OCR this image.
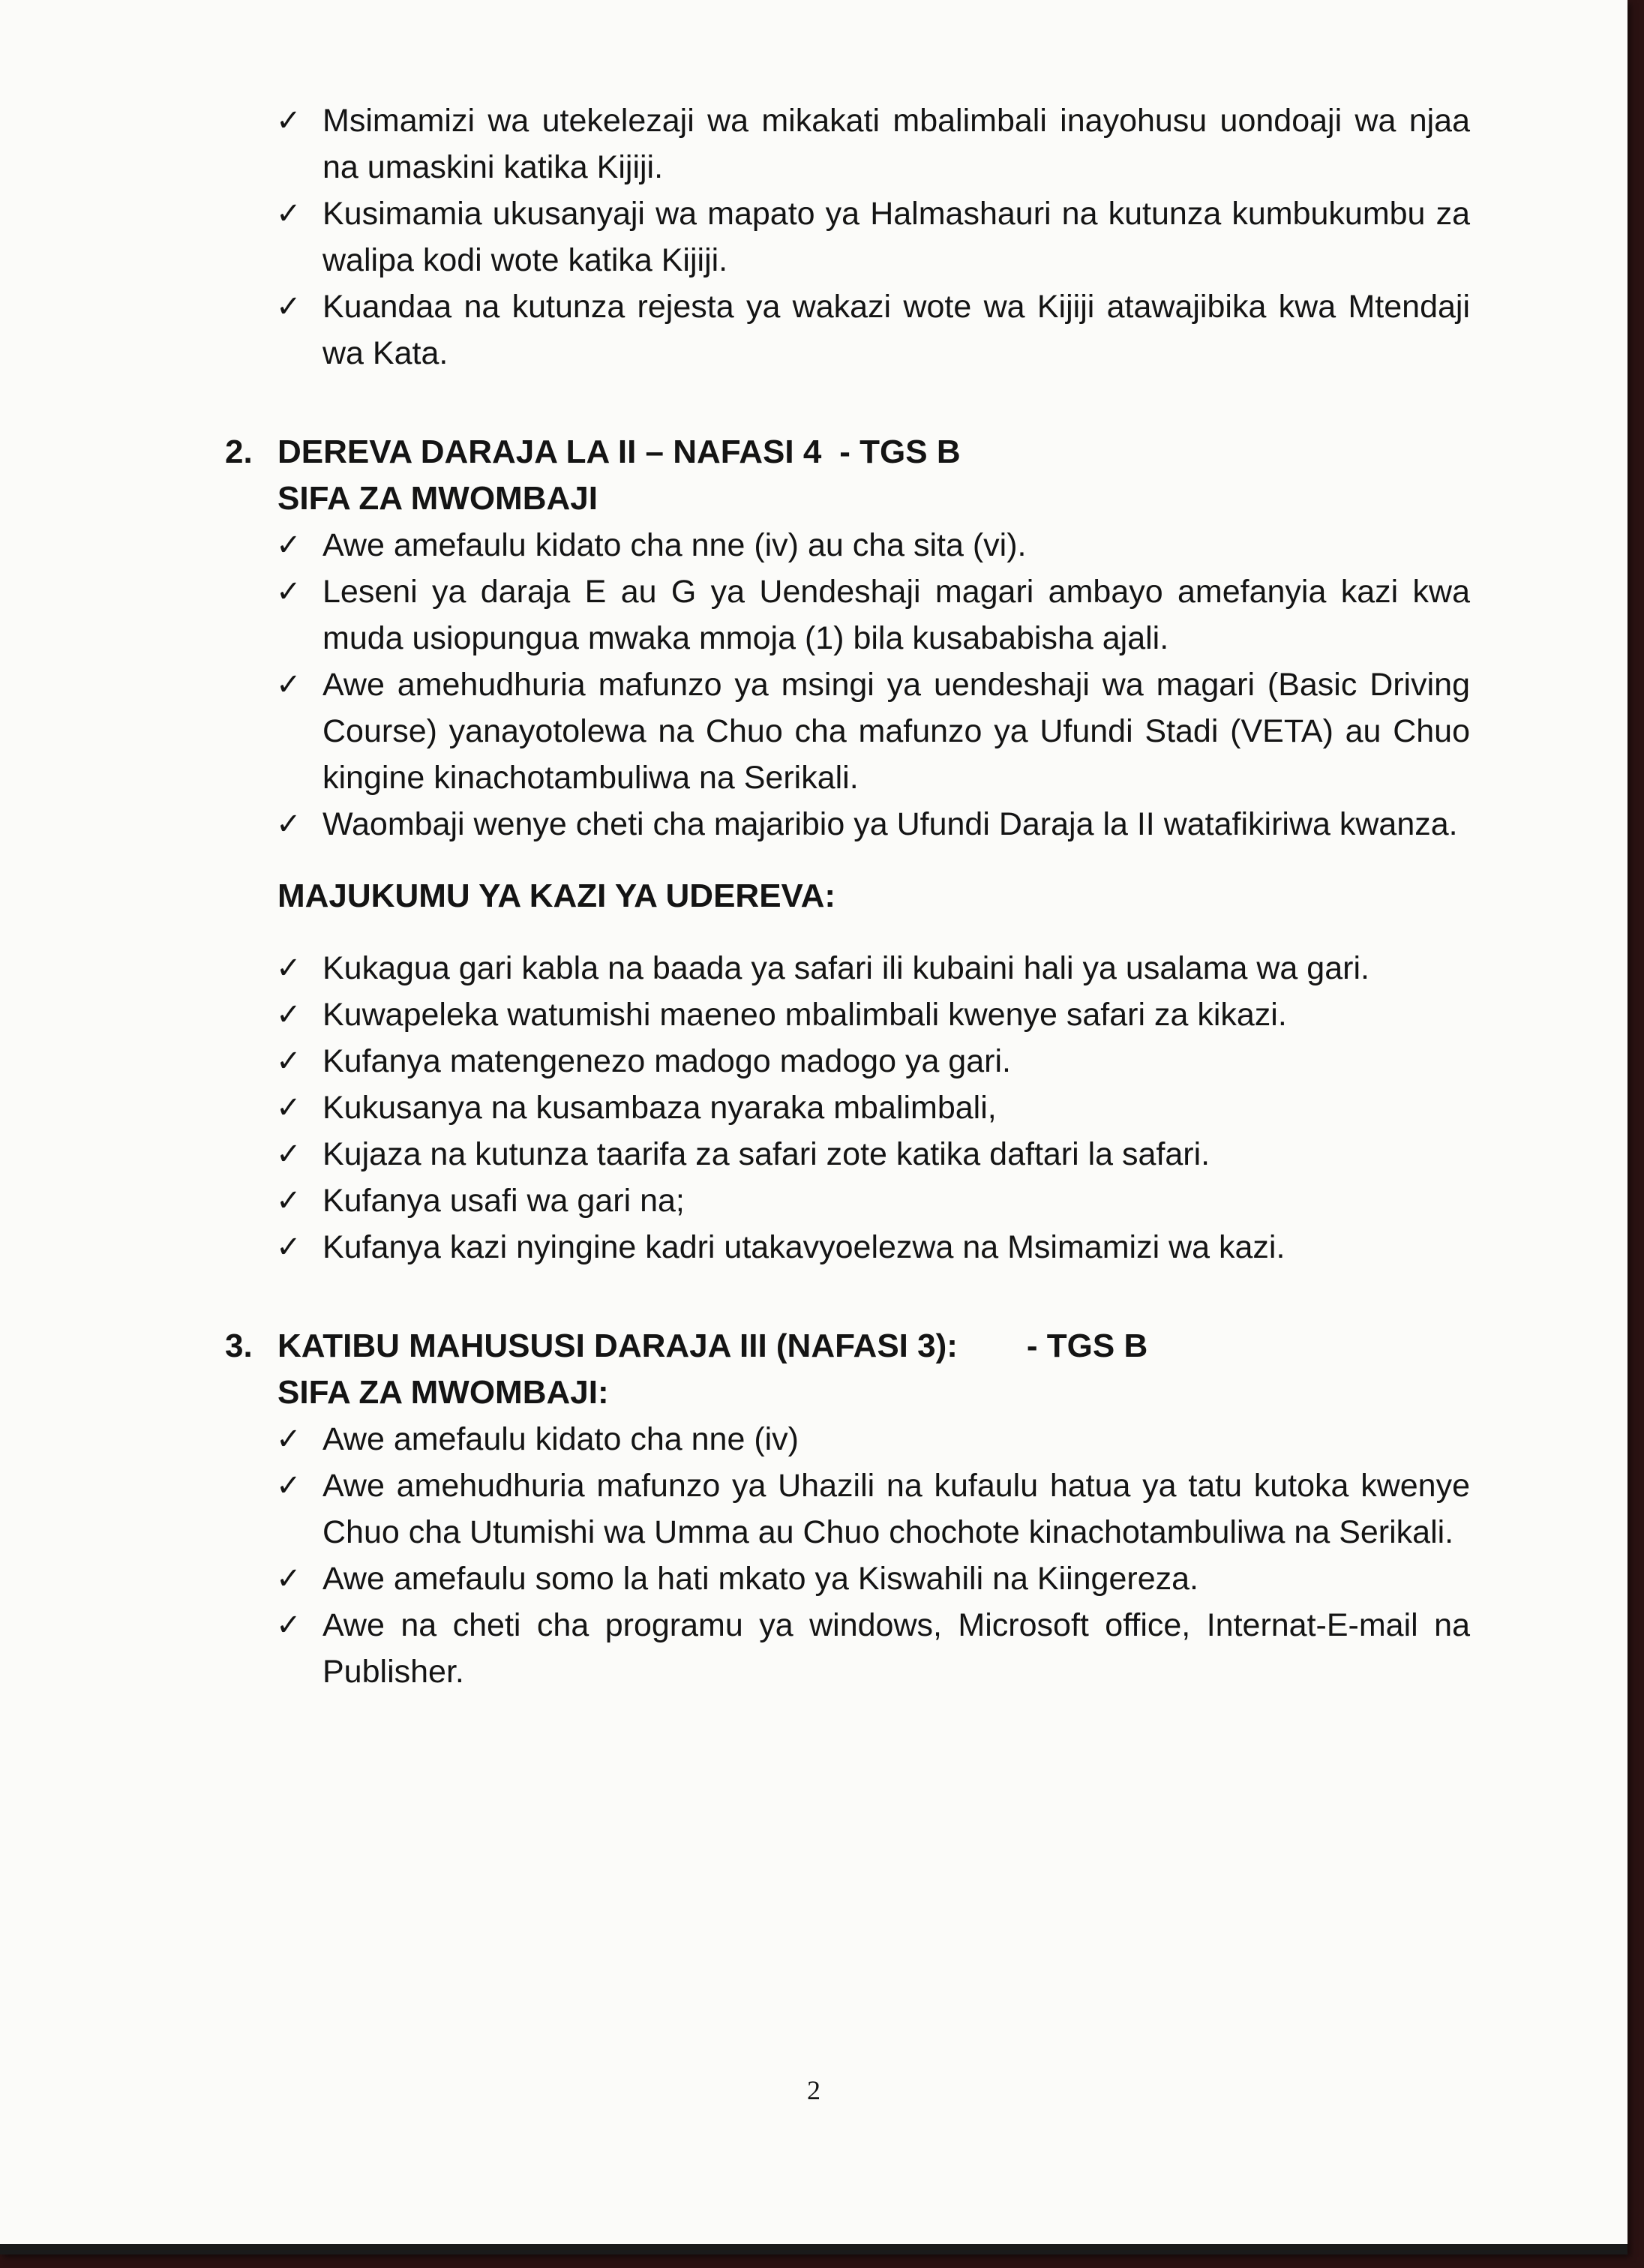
✓ Msimamizi wa utekelezaji wa mikakati mbalimbali inayohusu uondoaji wa njaa na umaskini katika Kijiji.
✓ Kusimamia ukusanyaji wa mapato ya Halmashauri na kutunza kumbukumbu za walipa kodi wote katika Kijiji.
✓ Kuandaa na kutunza rejesta ya wakazi wote wa Kijiji atawajibika kwa Mtendaji wa Kata.
2. DEREVA DARAJA LA II – NAFASI 4 - TGS B
SIFA ZA MWOMBAJI
✓ Awe amefaulu kidato cha nne (iv) au cha sita (vi).
✓ Leseni ya daraja E au G ya Uendeshaji magari ambayo amefanyia kazi kwa muda usiopungua mwaka mmoja (1) bila kusababisha ajali.
✓ Awe amehudhuria mafunzo ya msingi ya uendeshaji wa magari (Basic Driving Course) yanayotolewa na Chuo cha mafunzo ya Ufundi Stadi (VETA) au Chuo kingine kinachotambuliwa na Serikali.
✓ Waombaji wenye cheti cha majaribio ya Ufundi Daraja la II watafikiriwa kwanza.
MAJUKUMU YA KAZI YA UDEREVA:
✓ Kukagua gari kabla na baada ya safari ili kubaini hali ya usalama wa gari.
✓ Kuwapeleka watumishi maeneo mbalimbali kwenye safari za kikazi.
✓ Kufanya matengenezo madogo madogo ya gari.
✓ Kukusanya na kusambaza nyaraka mbalimbali,
✓ Kujaza na kutunza taarifa za safari zote katika daftari la safari.
✓ Kufanya usafi wa gari na;
✓ Kufanya kazi nyingine kadri utakavyoelezwa na Msimamizi wa kazi.
3. KATIBU MAHUSUSI DARAJA III (NAFASI 3): - TGS B
SIFA ZA MWOMBAJI:
✓ Awe amefaulu kidato cha nne (iv)
✓ Awe amehudhuria mafunzo ya Uhazili na kufaulu hatua ya tatu kutoka kwenye Chuo cha Utumishi wa Umma au Chuo chochote kinachotambuliwa na Serikali.
✓ Awe amefaulu somo la hati mkato ya Kiswahili na Kiingereza.
✓ Awe na cheti cha programu ya windows, Microsoft office, Internat-E-mail na Publisher.
2
